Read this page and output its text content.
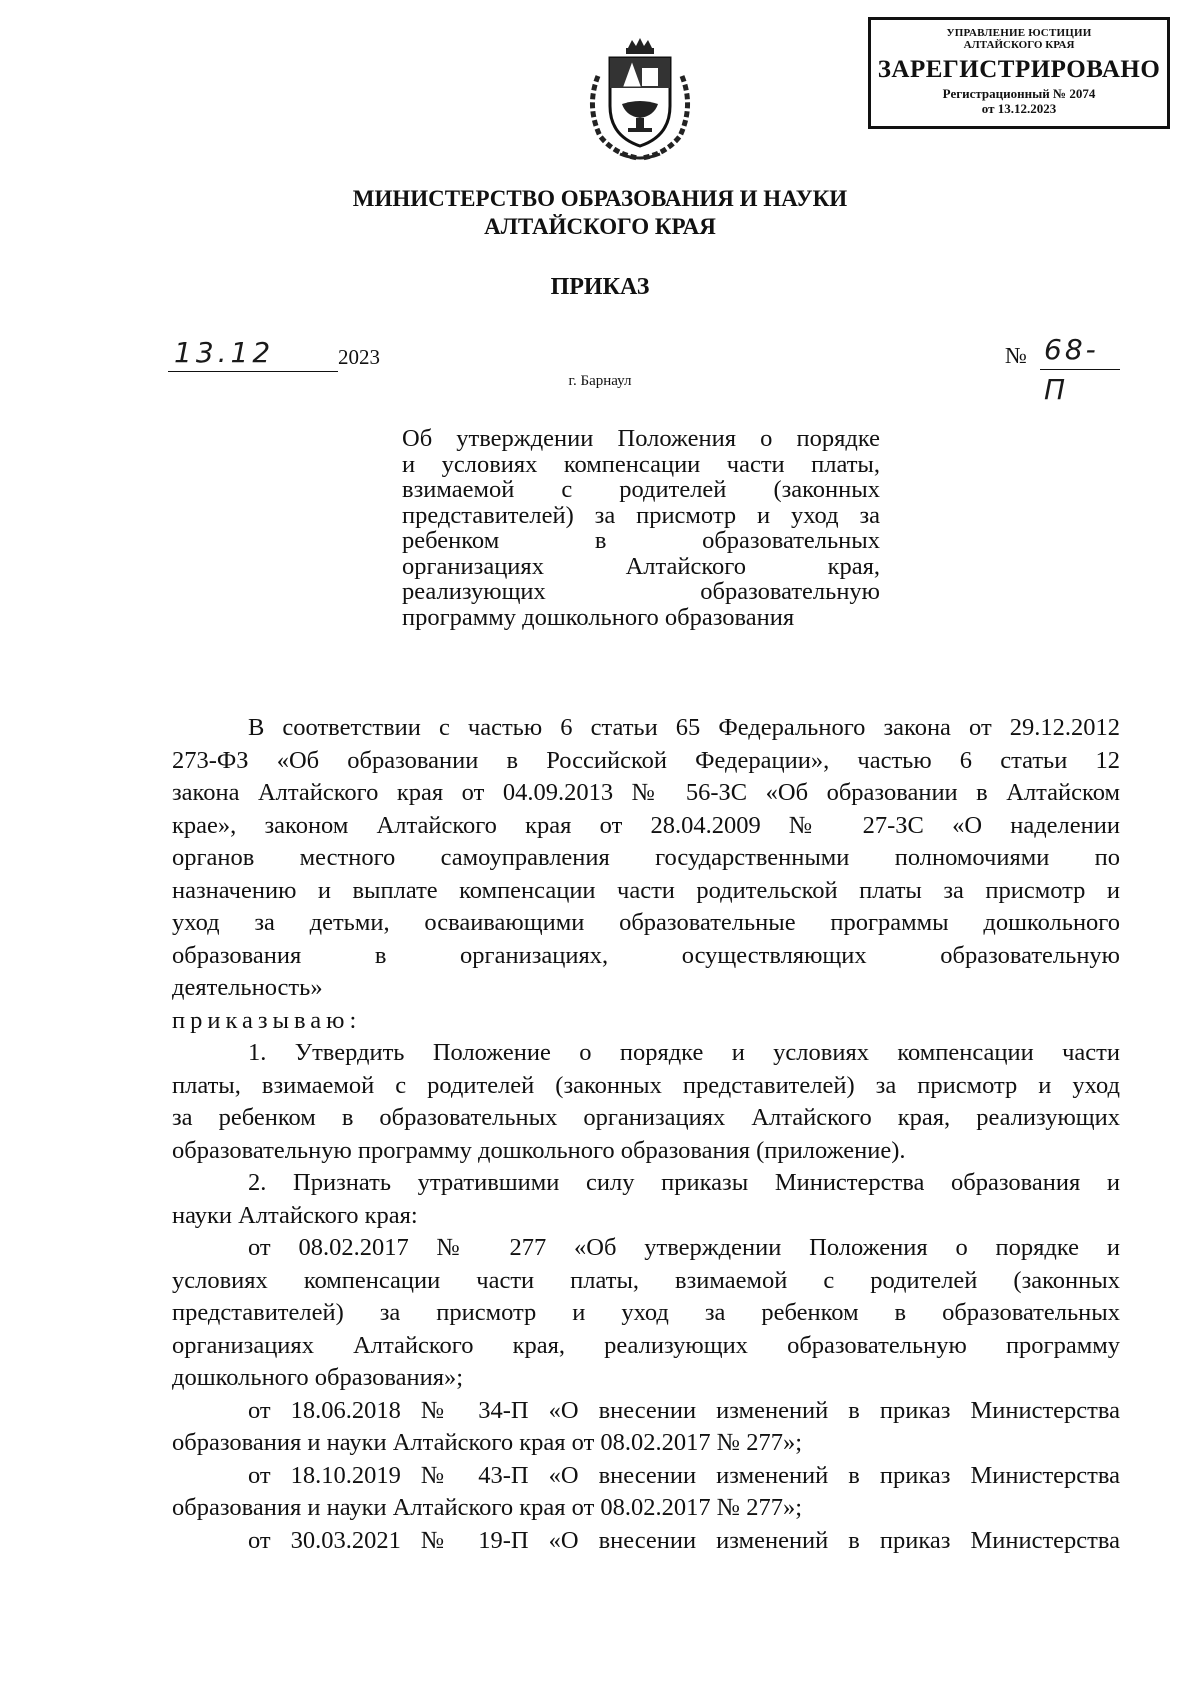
УПРАВЛЕНИЕ ЮСТИЦИИ
АЛТАЙСКОГО КРАЯ
ЗАРЕГИСТРИРОВАНО
Регистрационный № 2074
от 13.12.2023
МИНИСТЕРСТВО ОБРАЗОВАНИЯ И НАУКИ
АЛТАЙСКОГО КРАЯ
ПРИКАЗ
13.12	2023	№ 68-П
г. Барнаул
Об утверждении Положения о порядке
и условиях компенсации части платы,
взимаемой с родителей (законных
представителей) за присмотр и уход за
ребенком в образовательных
организациях Алтайского края,
реализующих образовательную
программу дошкольного образования
В соответствии с частью 6 статьи 65 Федерального закона от 29.12.2012
273-ФЗ «Об образовании в Российской Федерации», частью 6 статьи 12
закона Алтайского края от 04.09.2013 № 56-ЗС «Об образовании в Алтайском
крае», законом Алтайского края от 28.04.2009 № 27-ЗС «О наделении
органов местного самоуправления государственными полномочиями по
назначению и выплате компенсации части родительской платы за присмотр и
уход за детьми, осваивающими образовательные программы дошкольного
образования в организациях, осуществляющих образовательную
деятельность»
приказываю:
1. Утвердить Положение о порядке и условиях компенсации части
платы, взимаемой с родителей (законных представителей) за присмотр и уход
за ребенком в образовательных организациях Алтайского края, реализующих
образовательную программу дошкольного образования (приложение).
2. Признать утратившими силу приказы Министерства образования и
науки Алтайского края:
от 08.02.2017 № 277 «Об утверждении Положения о порядке и
условиях компенсации части платы, взимаемой с родителей (законных
представителей) за присмотр и уход за ребенком в образовательных
организациях Алтайского края, реализующих образовательную программу
дошкольного образования»;
от 18.06.2018 № 34-П «О внесении изменений в приказ Министерства
образования и науки Алтайского края от 08.02.2017 № 277»;
от 18.10.2019 № 43-П «О внесении изменений в приказ Министерства
образования и науки Алтайского края от 08.02.2017 № 277»;
от 30.03.2021 № 19-П «О внесении изменений в приказ Министерства
